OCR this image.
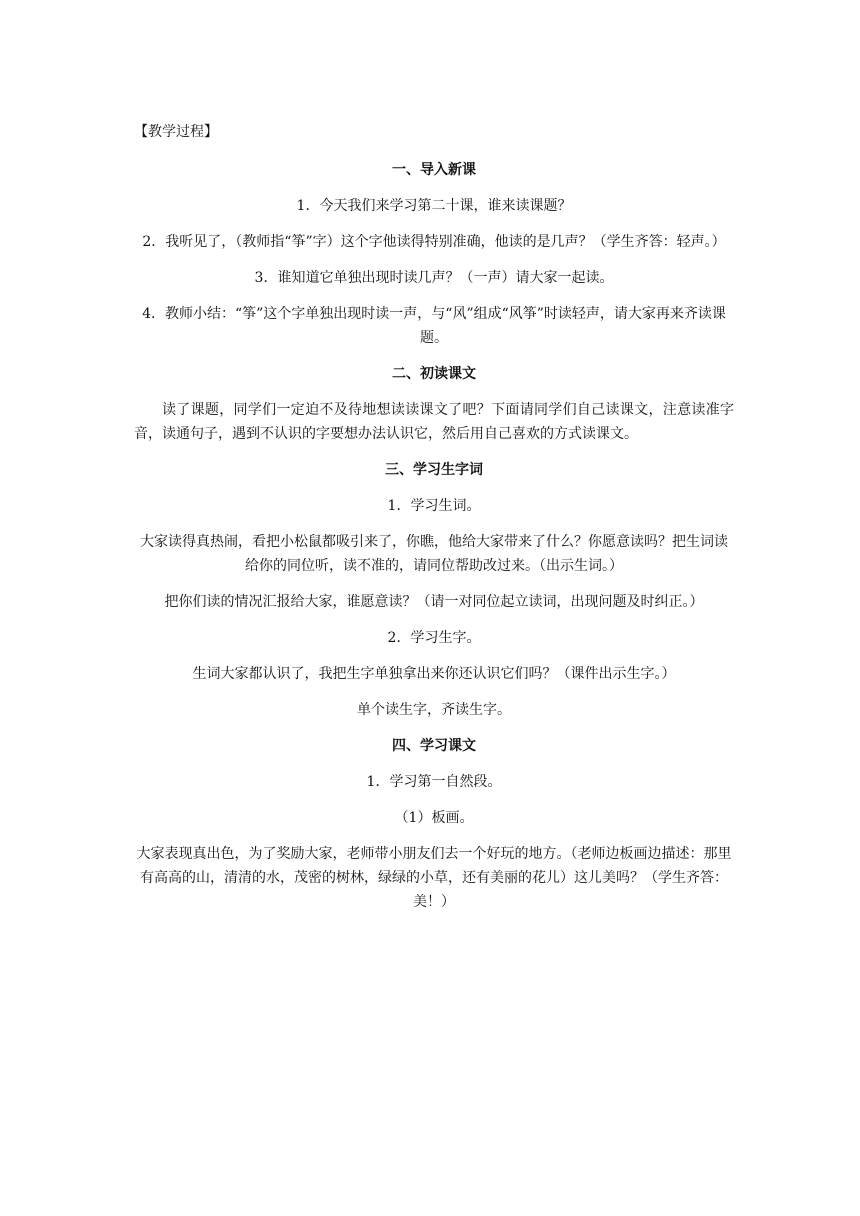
【教学过程】

一、导入新课

1．今天我们来学习第二十课，谁来读课题？

2．我听见了，（教师指“筝”字）这个字他读得特别准确，他读的是几声？（学生齐答：轻声。）

3．谁知道它单独出现时读几声？（一声）请大家一起读。

4．教师小结：“筝”这个字单独出现时读一声，与“风”组成“风筝”时读轻声，请大家再来齐读课题。

二、初读课文

读了课题，同学们一定迫不及待地想读读课文了吧？下面请同学们自己读课文，注意读准字音，读通句子，遇到不认识的字要想办法认识它，然后用自己喜欢的方式读课文。

三、学习生字词

1．学习生词。

大家读得真热闹，看把小松鼠都吸引来了，你瞧，他给大家带来了什么？你愿意读吗？把生词读给你的同位听，读不准的，请同位帮助改过来。（出示生词。）

把你们读的情况汇报给大家，谁愿意读？（请一对同位起立读词，出现问题及时纠正。）

2．学习生字。

生词大家都认识了，我把生字单独拿出来你还认识它们吗？（课件出示生字。）

单个读生字，齐读生字。

四、学习课文

1．学习第一自然段。

（1）板画。

大家表现真出色，为了奖励大家，老师带小朋友们去一个好玩的地方。（老师边板画边描述：那里有高高的山，清清的水，茂密的树林，绿绿的小草，还有美丽的花儿）这儿美吗？（学生齐答：美！）
